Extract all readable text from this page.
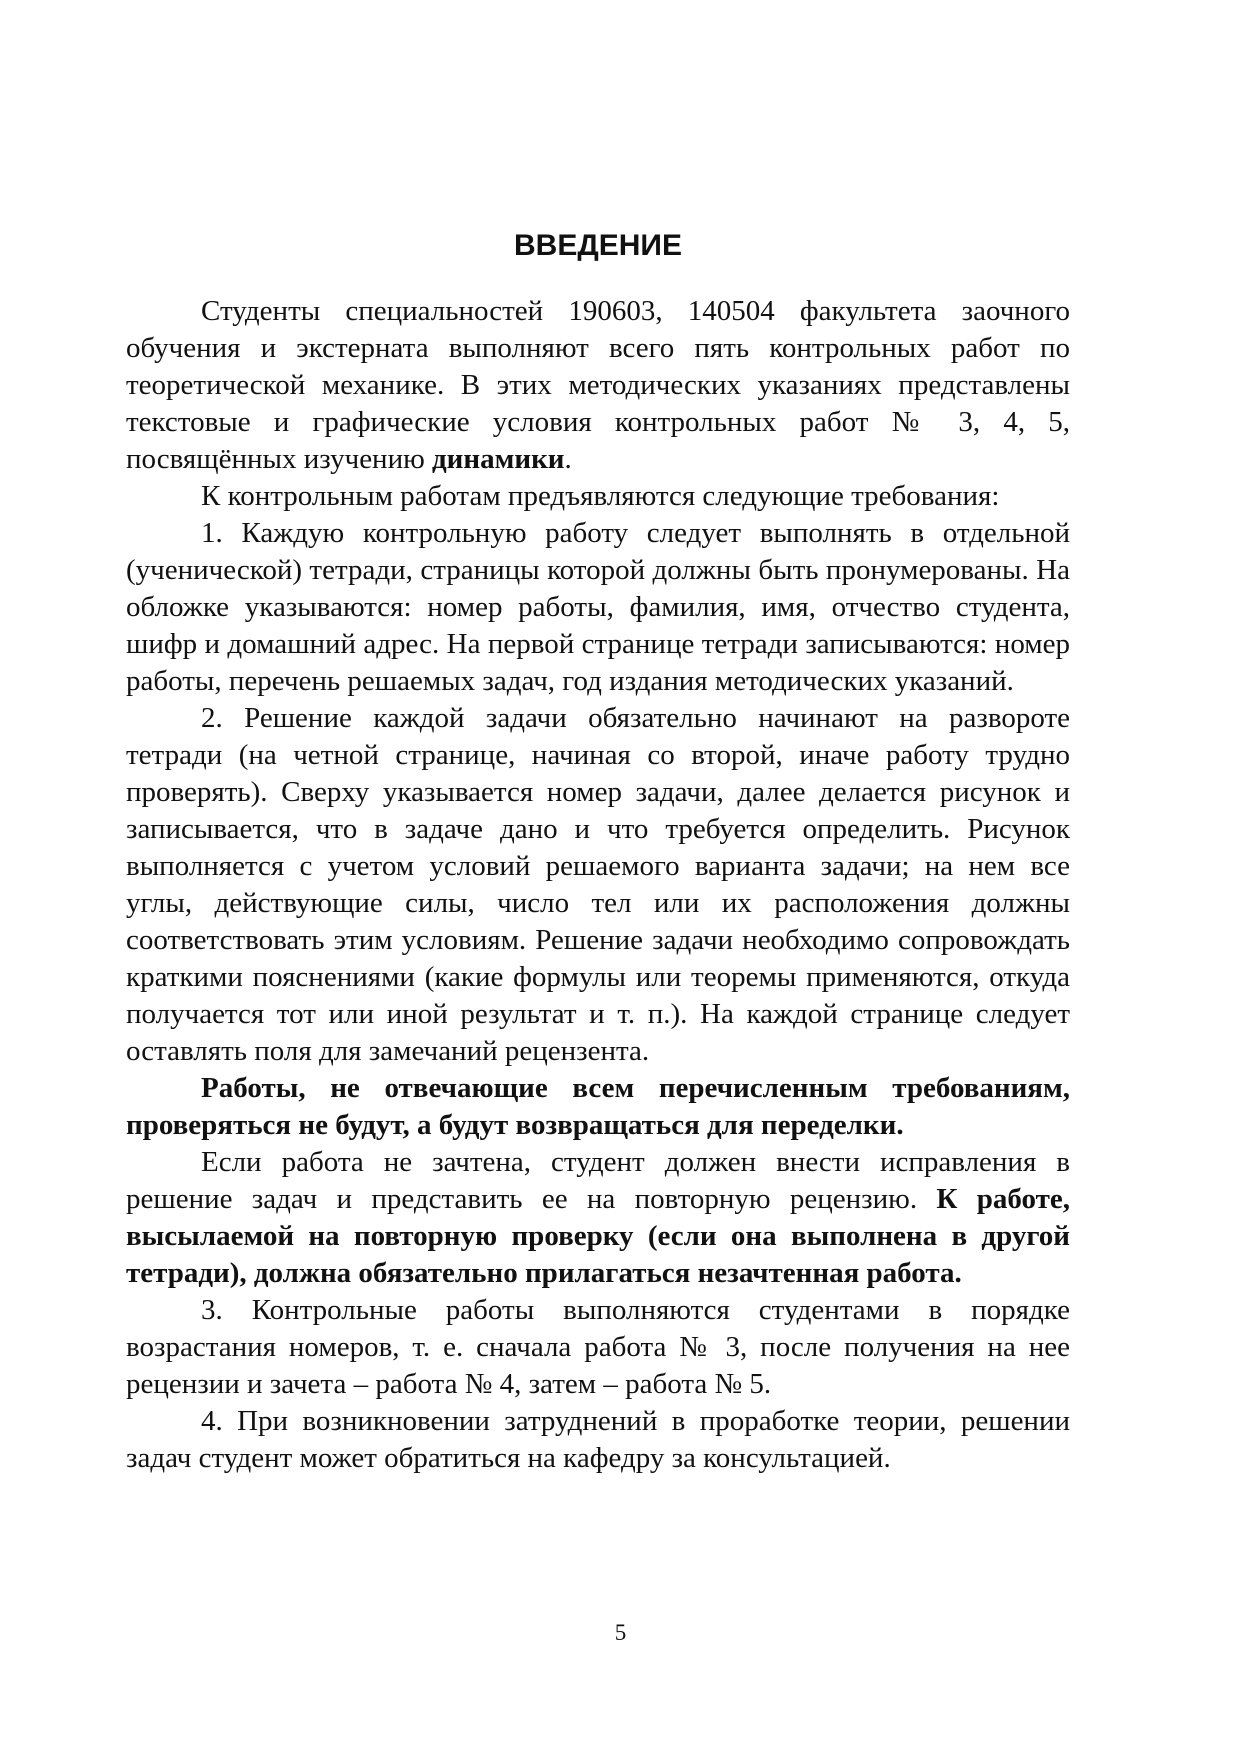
ВВЕДЕНИЕ

Студенты специальностей 190603, 140504 факультета заочного обучения и экстерната выполняют всего пять контрольных работ по теоретической механике. В этих методических указаниях представлены текстовые и графические условия контрольных работ № 3, 4, 5, посвящённых изучению динамики.

К контрольным работам предъявляются следующие требования:

1. Каждую контрольную работу следует выполнять в отдельной (ученической) тетради, страницы которой должны быть пронумерованы. На обложке указываются: номер работы, фамилия, имя, отчество студента, шифр и домашний адрес. На первой странице тетради записываются: номер работы, перечень решаемых задач, год издания методических указаний.

2. Решение каждой задачи обязательно начинают на развороте тетради (на четной странице, начиная со второй, иначе работу трудно проверять). Сверху указывается номер задачи, далее делается рисунок и записывается, что в задаче дано и что требуется определить. Рисунок выполняется с учетом условий решаемого варианта задачи; на нем все углы, действующие силы, число тел или их расположения должны соответствовать этим условиям. Решение задачи необходимо сопровождать краткими пояснениями (какие формулы или теоремы применяются, откуда получается тот или иной результат и т. п.). На каждой странице следует оставлять поля для замечаний рецензента.

Работы, не отвечающие всем перечисленным требованиям, проверяться не будут, а будут возвращаться для переделки.

Если работа не зачтена, студент должен внести исправления в решение задач и представить ее на повторную рецензию. К работе, высылаемой на повторную проверку (если она выполнена в другой тетради), должна обязательно прилагаться незачтенная работа.

3. Контрольные работы выполняются студентами в порядке возрастания номеров, т. е. сначала работа № 3, после получения на нее рецензии и зачета – работа № 4, затем – работа № 5.

4. При возникновении затруднений в проработке теории, решении задач студент может обратиться на кафедру за консультацией.

5
